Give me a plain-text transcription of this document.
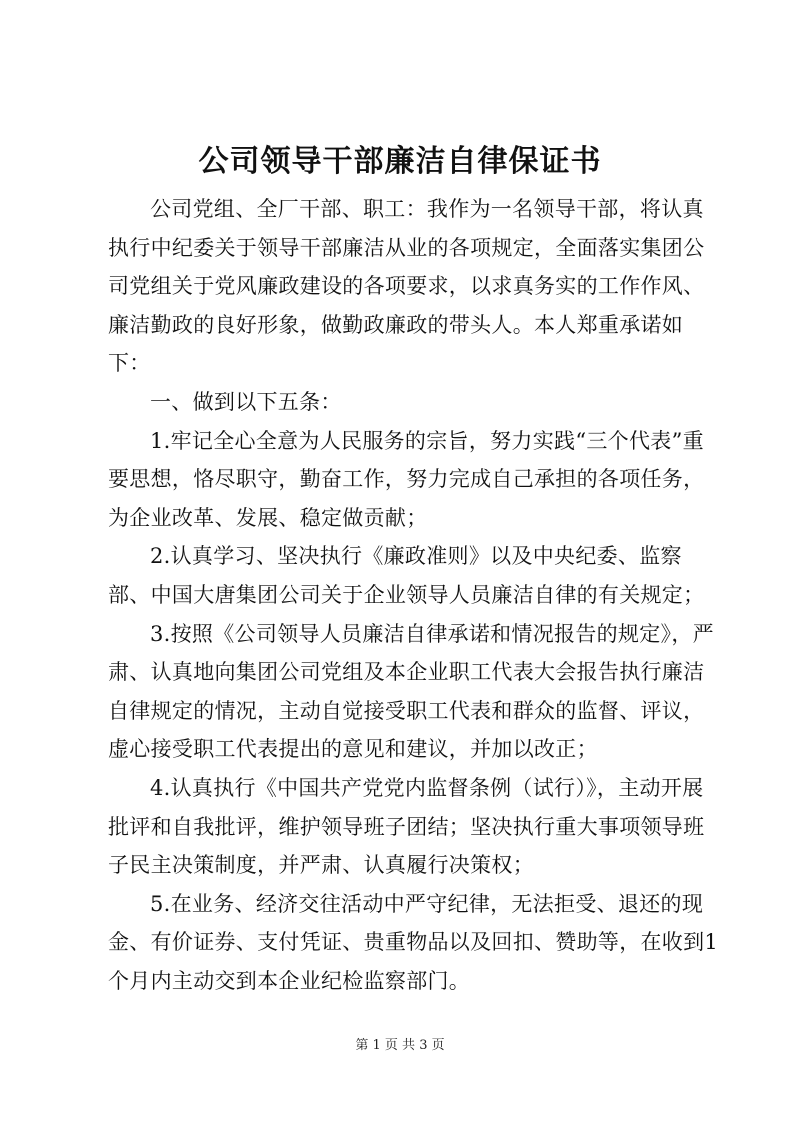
公司领导干部廉洁自律保证书

公司党组、全厂干部、职工：我作为一名领导干部，将认真执行中纪委关于领导干部廉洁从业的各项规定，全面落实集团公司党组关于党风廉政建设的各项要求，以求真务实的工作作风、廉洁勤政的良好形象，做勤政廉政的带头人。本人郑重承诺如下：

一、做到以下五条：

1.牢记全心全意为人民服务的宗旨，努力实践“三个代表”重要思想，恪尽职守，勤奋工作，努力完成自己承担的各项任务，为企业改革、发展、稳定做贡献；

2.认真学习、坚决执行《廉政准则》以及中央纪委、监察部、中国大唐集团公司关于企业领导人员廉洁自律的有关规定；

3.按照《公司领导人员廉洁自律承诺和情况报告的规定》，严肃、认真地向集团公司党组及本企业职工代表大会报告执行廉洁自律规定的情况，主动自觉接受职工代表和群众的监督、评议，虚心接受职工代表提出的意见和建议，并加以改正；

4.认真执行《中国共产党党内监督条例（试行）》，主动开展批评和自我批评，维护领导班子团结；坚决执行重大事项领导班子民主决策制度，并严肃、认真履行决策权；

5.在业务、经济交往活动中严守纪律，无法拒受、退还的现金、有价证券、支付凭证、贵重物品以及回扣、赞助等，在收到1个月内主动交到本企业纪检监察部门。

第 1 页 共 3 页
